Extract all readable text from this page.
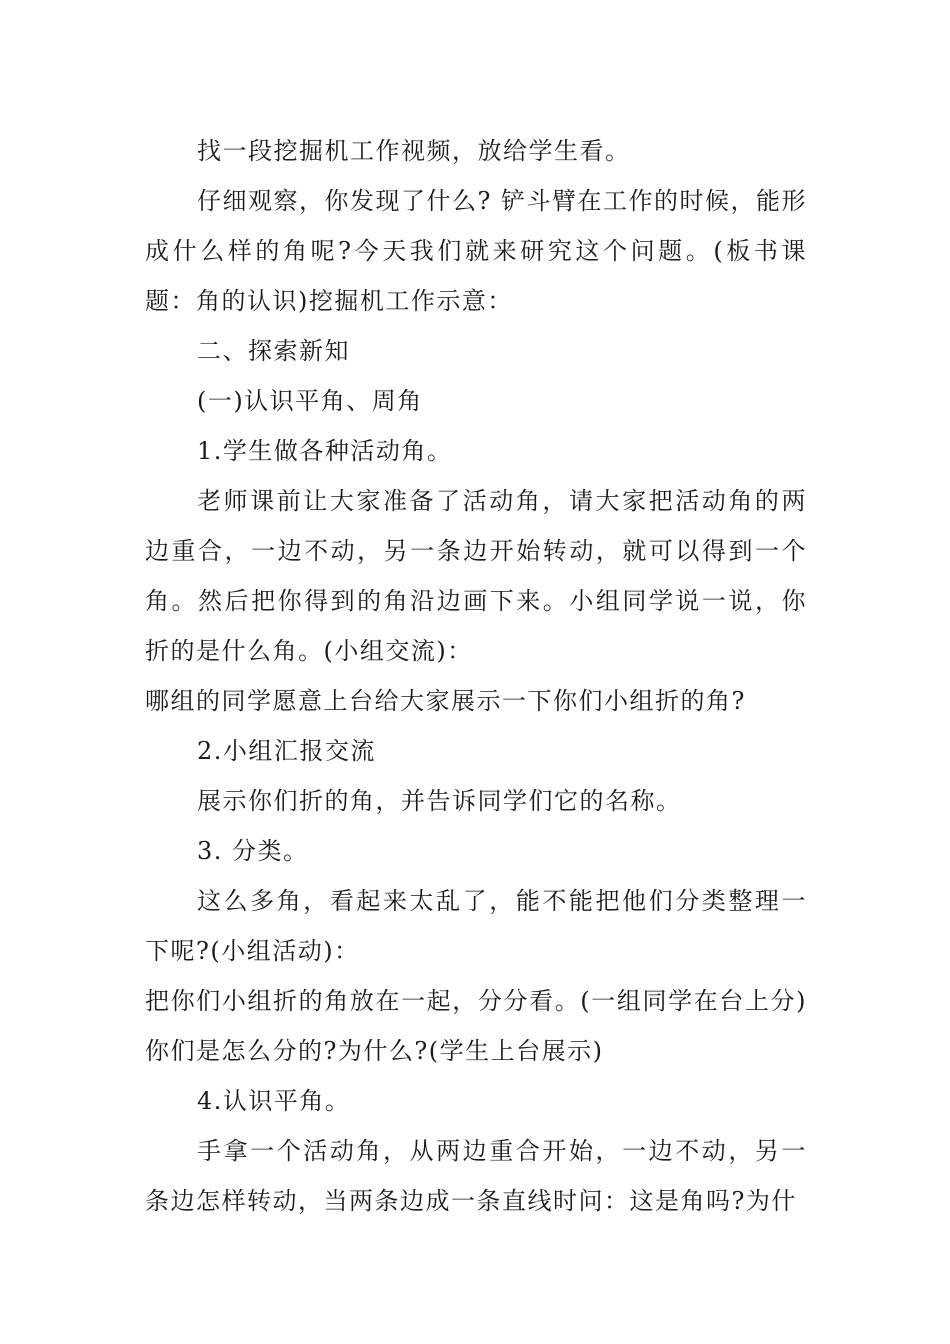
找一段挖掘机工作视频，放给学生看。

仔细观察，你发现了什么? 铲斗臂在工作的时候，能形成什么样的角呢?今天我们就来研究这个问题。(板书课题：角的认识)挖掘机工作示意：

二、探索新知

(一)认识平角、周角

1.学生做各种活动角。

老师课前让大家准备了活动角，请大家把活动角的两边重合，一边不动，另一条边开始转动，就可以得到一个角。然后把你得到的角沿边画下来。小组同学说一说，你折的是什么角。(小组交流)：

哪组的同学愿意上台给大家展示一下你们小组折的角?

2.小组汇报交流

展示你们折的角，并告诉同学们它的名称。

3. 分类。

这么多角，看起来太乱了，能不能把他们分类整理一下呢?(小组活动)：

把你们小组折的角放在一起，分分看。(一组同学在台上分)你们是怎么分的?为什么?(学生上台展示)

4.认识平角。

手拿一个活动角，从两边重合开始，一边不动，另一条边怎样转动，当两条边成一条直线时问：这是角吗?为什
